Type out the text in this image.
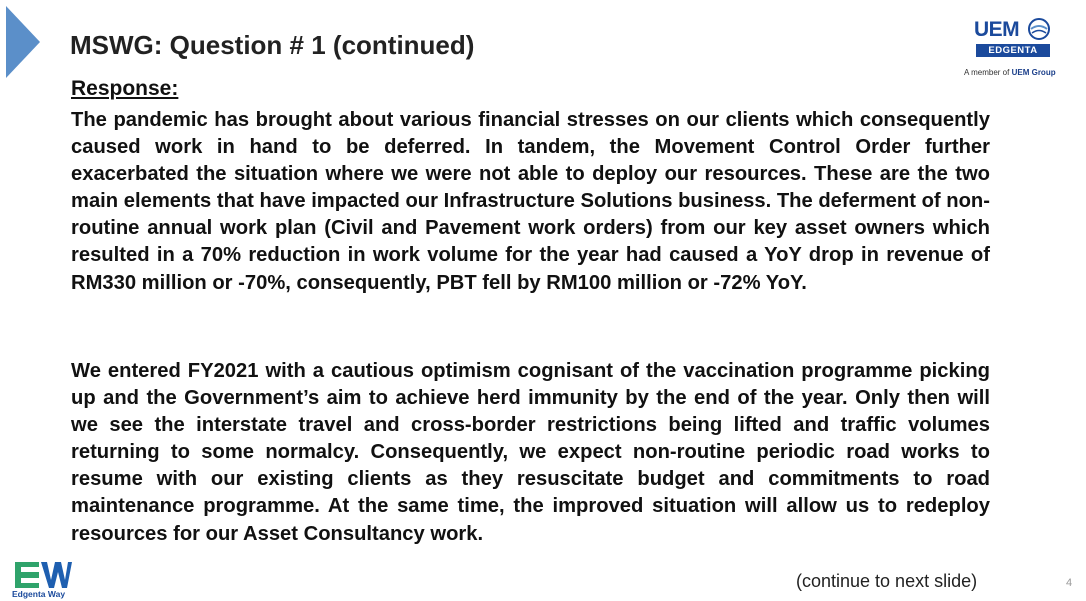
MSWG: Question # 1 (continued)
UEM
EDGENTA
A member of UEM Group
Response:

The pandemic has brought about various financial stresses on our clients which consequently caused work in hand to be deferred. In tandem, the Movement Control Order further exacerbated the situation where we were not able to deploy our resources. These are the two main elements that have impacted our Infrastructure Solutions business. The deferment of non-routine annual work plan (Civil and Pavement work orders) from our key asset owners which resulted in a 70% reduction in work volume for the year had caused a YoY drop in revenue of RM330 million or -70%, consequently, PBT fell by RM100 million or -72% YoY.

We entered FY2021 with a cautious optimism cognisant of the vaccination programme picking up and the Government’s aim to achieve herd immunity by the end of the year. Only then will we see the interstate travel and cross-border restrictions being lifted and traffic volumes returning to some normalcy. Consequently, we expect non-routine periodic road works to resume with our existing clients as they resuscitate budget and commitments to road maintenance programme. At the same time, the improved situation will allow us to redeploy resources for our Asset Consultancy work.

(continue to next slide)	4
Edgenta Way
